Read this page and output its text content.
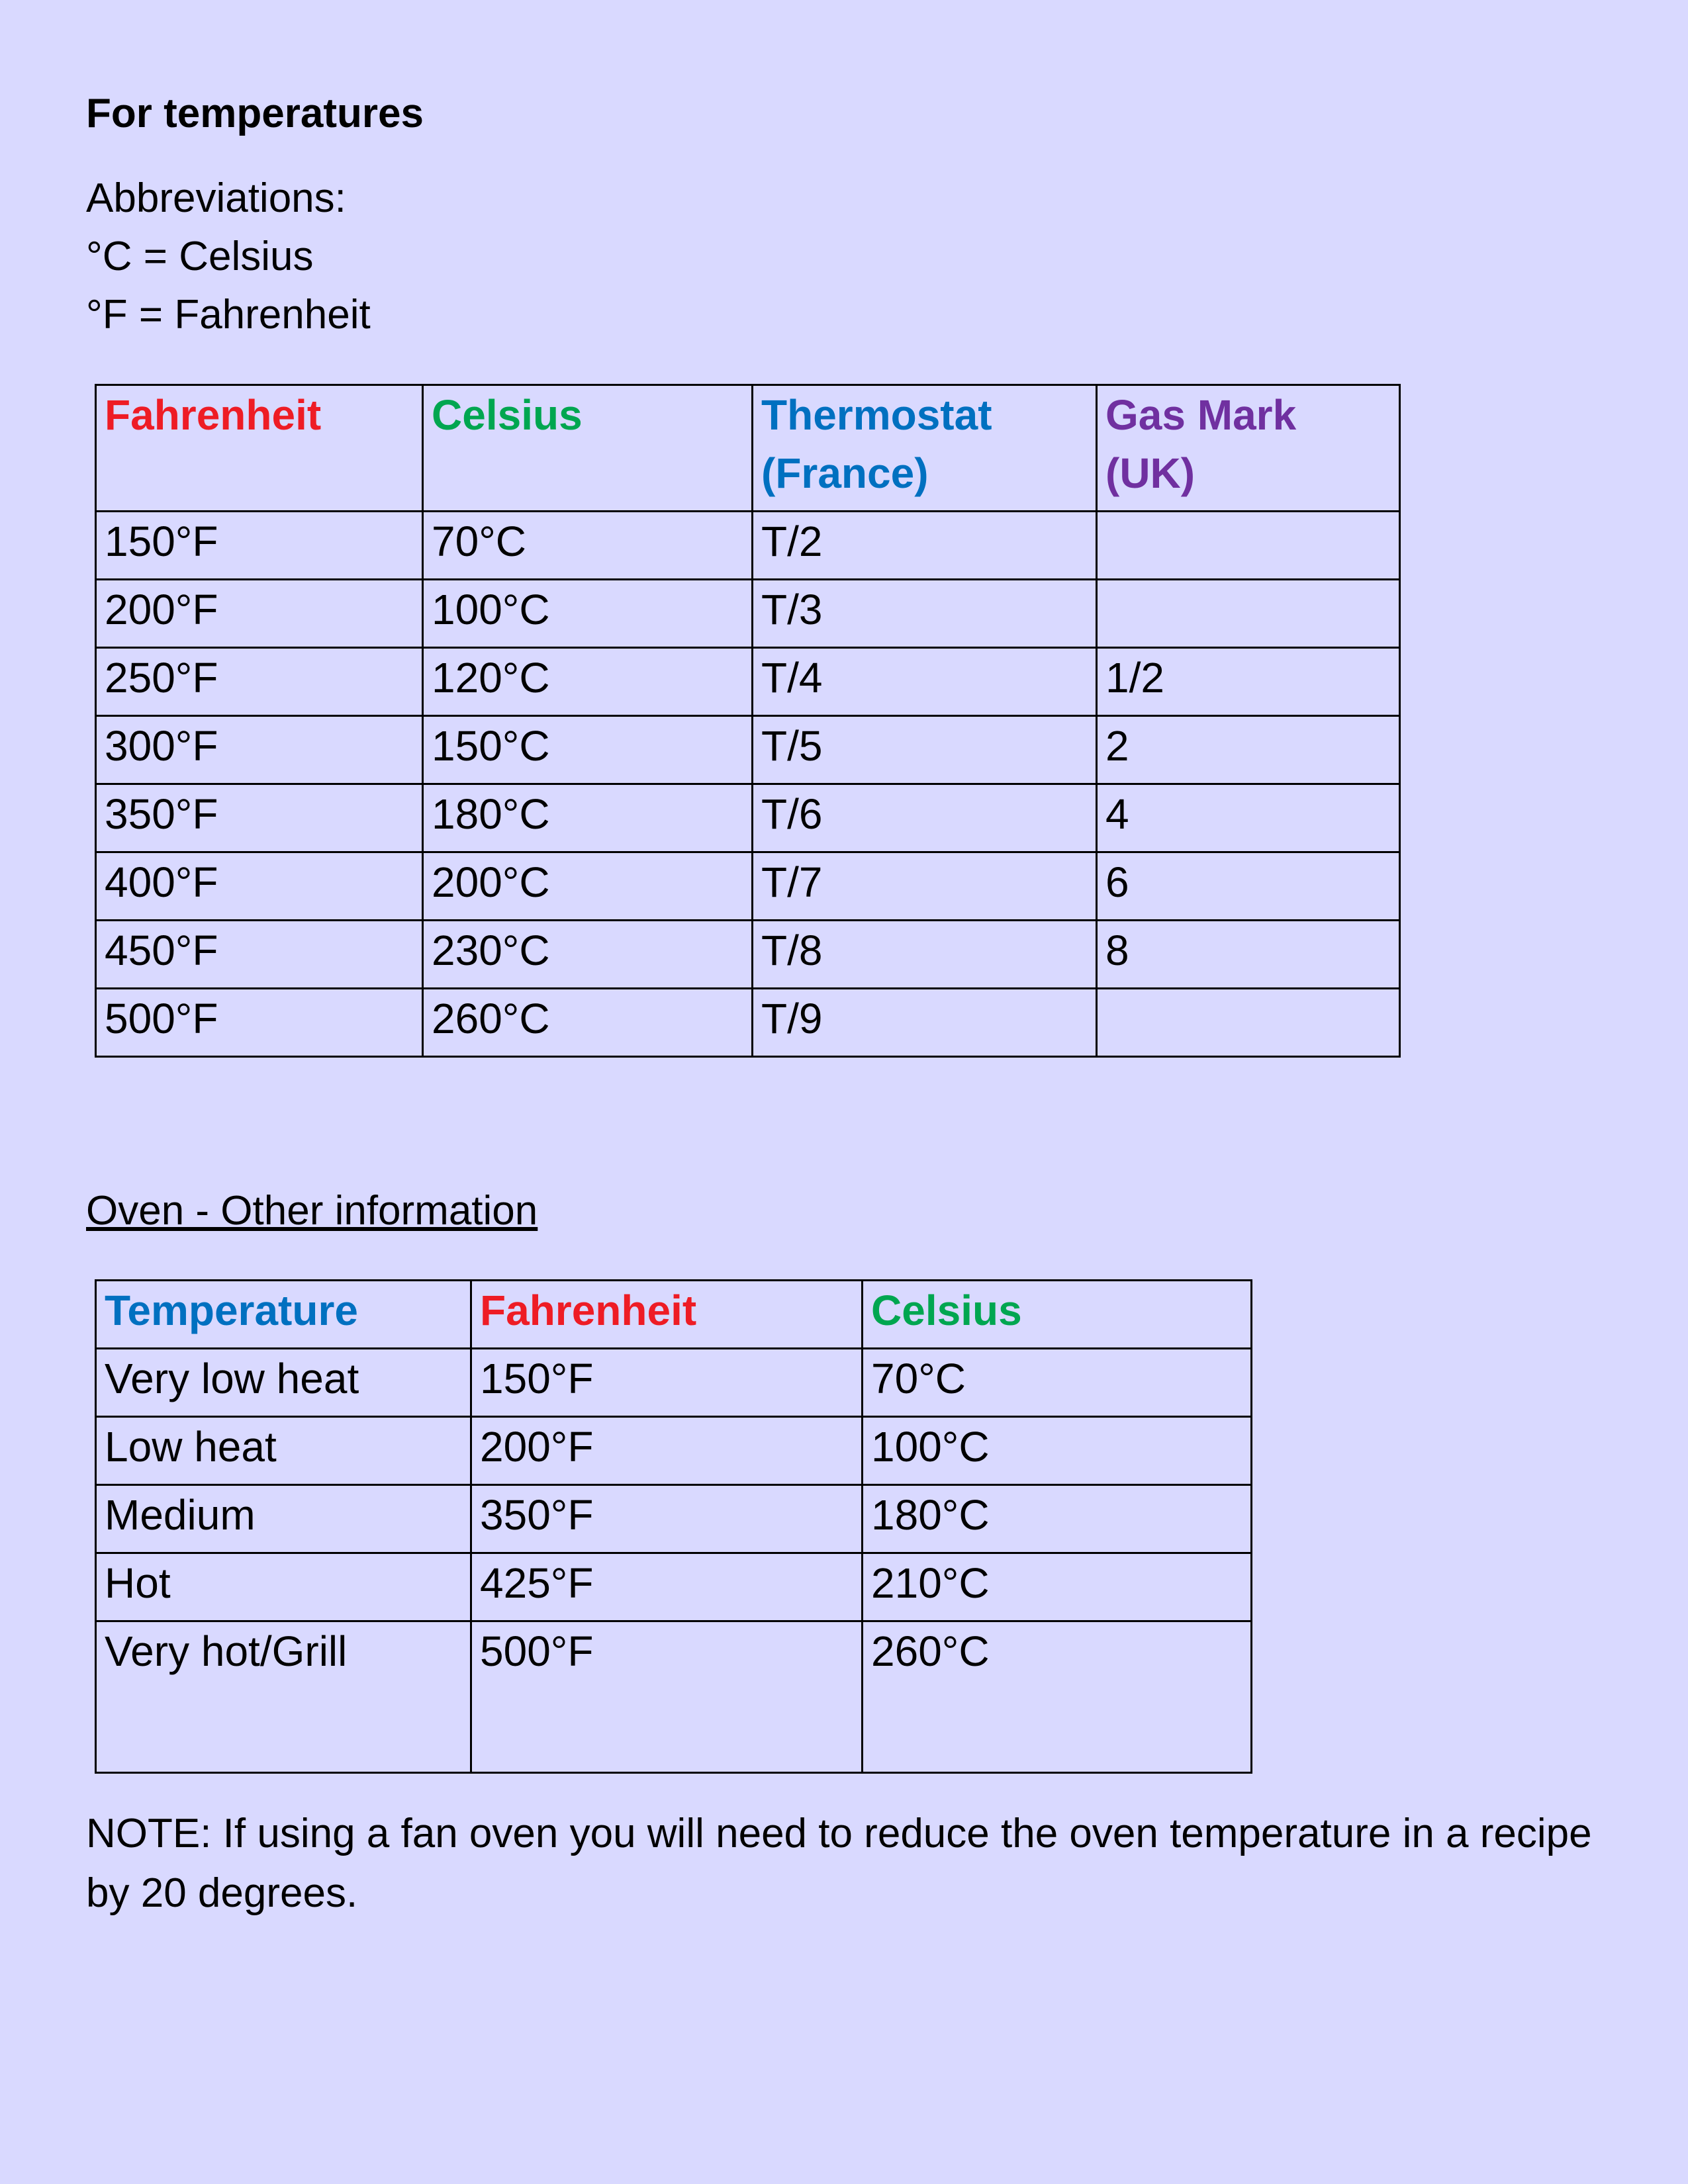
For temperatures
Abbreviations:
°C = Celsius
°F = Fahrenheit
Fahrenheit	Celsius	Thermostat (France)	Gas Mark (UK)
150°F	70°C	T/2	
200°F	100°C	T/3	
250°F	120°C	T/4	1/2
300°F	150°C	T/5	2
350°F	180°C	T/6	4
400°F	200°C	T/7	6
450°F	230°C	T/8	8
500°F	260°C	T/9	
Oven - Other information
Temperature	Fahrenheit	Celsius
Very low heat	150°F	70°C
Low heat	200°F	100°C
Medium	350°F	180°C
Hot	425°F	210°C
Very hot/Grill	500°F	260°C
NOTE: If using a fan oven you will need to reduce the oven temperature in a recipe by 20 degrees.
